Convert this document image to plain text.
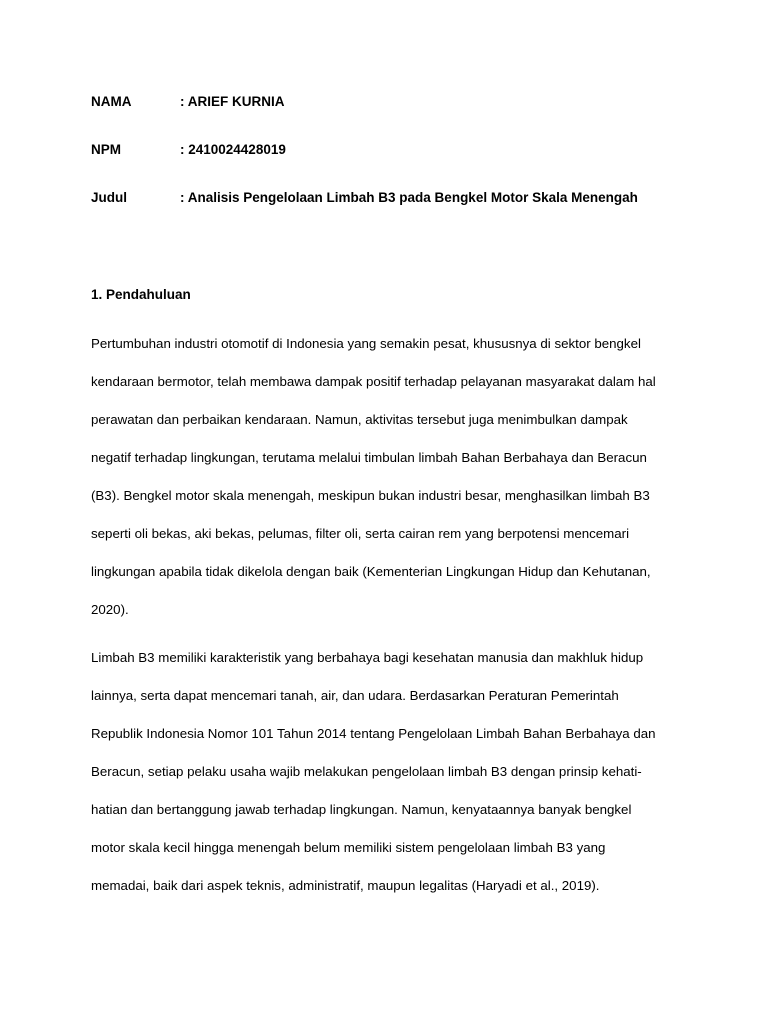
NAMA	: ARIEF KURNIA
NPM	: 2410024428019
Judul	: Analisis Pengelolaan Limbah B3 pada Bengkel Motor Skala Menengah
1. Pendahuluan
Pertumbuhan industri otomotif di Indonesia yang semakin pesat, khususnya di sektor bengkel
kendaraan bermotor, telah membawa dampak positif terhadap pelayanan masyarakat dalam hal
perawatan dan perbaikan kendaraan. Namun, aktivitas tersebut juga menimbulkan dampak
negatif terhadap lingkungan, terutama melalui timbulan limbah Bahan Berbahaya dan Beracun
(B3). Bengkel motor skala menengah, meskipun bukan industri besar, menghasilkan limbah B3
seperti oli bekas, aki bekas, pelumas, filter oli, serta cairan rem yang berpotensi mencemari
lingkungan apabila tidak dikelola dengan baik (Kementerian Lingkungan Hidup dan Kehutanan,
2020).
Limbah B3 memiliki karakteristik yang berbahaya bagi kesehatan manusia dan makhluk hidup
lainnya, serta dapat mencemari tanah, air, dan udara. Berdasarkan Peraturan Pemerintah
Republik Indonesia Nomor 101 Tahun 2014 tentang Pengelolaan Limbah Bahan Berbahaya dan
Beracun, setiap pelaku usaha wajib melakukan pengelolaan limbah B3 dengan prinsip kehati-
hatian dan bertanggung jawab terhadap lingkungan. Namun, kenyataannya banyak bengkel
motor skala kecil hingga menengah belum memiliki sistem pengelolaan limbah B3 yang
memadai, baik dari aspek teknis, administratif, maupun legalitas (Haryadi et al., 2019).
